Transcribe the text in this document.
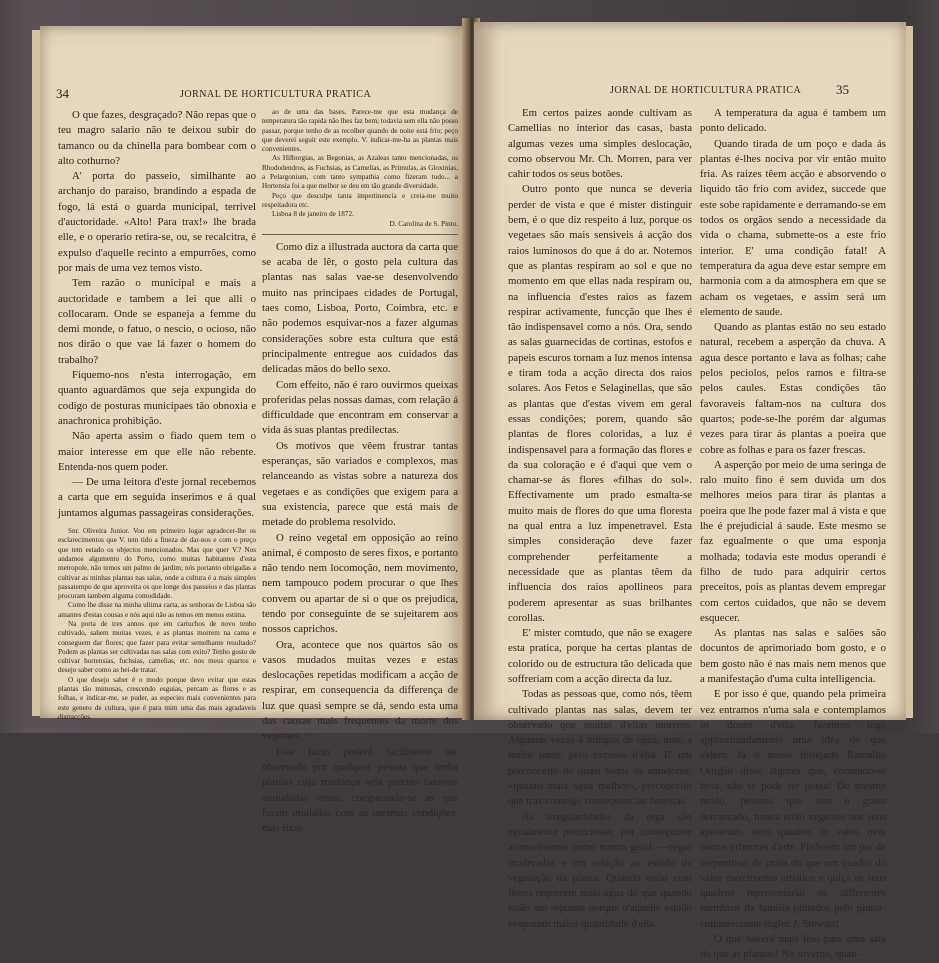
34	JORNAL DE HORTICULTURA PRATICA

O que fazes, desgraçado? Não repas que o teu magro salario não te deixou subir do tamanco ou da chinella para bombear com o alto cothurno?

A' porta do passeio, similhante ao archanjo do paraiso, brandindo a espada de fogo, lá está o guarda municipal, terrivel d'auctoridade. «Alto! Para trax!» lhe brada elle, e o operario retira-se, ou, se recalcitra, é expulso d'aquelle recinto a empurrões, como por mais de uma vez temos visto.

Tem razão o municipal e mais a auctoridade e tambem a lei que alli o collocaram. Onde se espaneja a femme du demi monde, o fatuo, o nescio, o ocioso, não nos dirão o que vae lá fazer o homem do trabalho?

Fiquemo-nos n'esta interrogação, em quanto aguardâmos que seja expungida do codigo de posturas municipaes tão obnoxia e anachronica prohibição.

Não aperta assim o fiado quem tem o maior interesse em que elle não rebente. Entenda-nos quem poder.

— De uma leitora d'este jornal recebemos a carta que em seguida inserimos e á qual juntamos algumas passageiras considerações.

Snr. Oliveira Junior. Vou em primeiro logar agradecer-lhe os esclarecimentos que V. tem tido a fineza de dar-nos e com o preço que tem estado os objectos mencionados. Mas que quer V.? Nos andamos algumento do Porto, como muitas habitantes d'esta metropole, não temos um palmo de jardim; nós portanto obrigadas a cultivar as minhas plantas nas salas, onde a cultura é a mais simples passatempo de que aproveita os que longe dos passeios e das plantas procuram tambem alguma comodidade.

Como lhe disse na minha ultima carta, as senhoras de Lisboa são amantes d'estas cousas e nós aqui não as temos em menos estima.

Na porta de tres annos que em cartuchos de novo tenho cultivado, sahem muitas vezes, e as plantas morrem na cama e conseguem dar flores; que fazer para evitar semelhante resultado? Podem as plantas ser cultivadas nas salas com exito? Tenho gosto de cultivar hortensias, fuchsias, camelias, etc. nos meus quartos e desejo saber como as hei-de tratar.

O que desejo saber é o modo porque devo evitar que estas plantas tão mimosas, crescendo esguias, percam as flores e as folhas, e indicar-me, se puder, as especies mais convenientes para este genero de cultura, que é para mim uma das mais agradaveis distracções.

ao de uma das bases. Parece-me que esta mudança de temperatura tão rapida não lhes faz bem; todavia sem ella não posso passar, porque tenho de as recolher quando de noite está frio; peço que deverei seguir este exemplo. V. indicar-me-ha as plantas mais convenientes.

As Hilborgias, as Begonias, as Azaleas tanto mencionadas, os Rhododendros, as Fuchsias, as Camelias, as Primulas, as Gloxinias, a Pelargonium, com tanto sympathia como fizeram tudo... a Hortensia foi a que melhor se deu em tão grande diversidade.

Peço que desculpe tanta impertinencia e creia-me muito respeitadora etc.

Lisboa 8 de janeiro de 1872.

D. Carolina de S. Pinto.

Como diz a illustrada auctora da carta que se acaba de lêr, o gosto pela cultura das plantas nas salas vae-se desenvolvendo muito nas principaes cidades de Portugal, taes como, Lisboa, Porto, Coimbra, etc. e não podemos esquivar-nos a fazer algumas considerações sobre esta cultura que está principalmente entregue aos cuidados das delicadas mãos do bello sexo.

Com effeito, não é raro ouvirmos queixas proferidas pelas nossas damas, com relação á difficuldade que encontram em conservar a vida ás suas plantas predilectas.

Os motivos que vêem frustrar tantas esperanças, são variados e complexos, mas relanceando as vistas sobre a natureza dos vegetaes e as condições que exigem para a sua existencia, parece que está mais de metade do problema resolvido.

O reino vegetal em opposição ao reino animal, é composto de seres fixos, e portanto não tendo nem locomoção, nem movimento, nem tampouco podem procurar o que lhes convem ou apartar de si o que os prejudica, tendo por conseguinte de se sujeitarem aos nossos caprichos.

Ora, acontece que nos quartos são os vasos mudados muitas vezes e estas deslocações repetidas modificam a acção de respirar, em consequencia da differença de luz que quasi sempre se dá, sendo esta uma das causas mais frequentes da morte dos vegetaes.

Este facto poderá facilmente ser observado por qualquer pessoa que tenha plantas cuja mudança seja preciso fazer-se amiudadas vezes, comparando-se as que foram mudadas com as mesmas condições, mas fixas.

JORNAL DE HORTICULTURA PRATICA	35

Em certos paizes aonde cultivam as Camellias no interior das casas, basta algumas vezes uma simples deslocação, como observou Mr. Ch. Morren, para ver cahir todos os seus botões.

Outro ponto que nunca se deveria perder de vista e que é mister distinguir bem, é o que diz respeito á luz, porque os vegetaes são mais sensiveis á acção dos raios luminosos do que á do ar. Notemos que as plantas respiram ao sol e que no momento em que ellas nada respiram ou, na influencia d'estes raios as fazem respirar activamente, funcção que lhes é tão indispensavel como a nós. Ora, sendo as salas guarnecidas de cortinas, estofos e papeis escuros tornam a luz menos intensa e tiram toda a acção directa dos raios solares. Aos Fetos e Selaginellas, que são as plantas que d'estas vivem em geral essas condições; porem, quando são plantas de flores coloridas, a luz é indispensavel para a formação das flores e da sua coloração e é d'aqui que vem o chamar-se ás flores «filhas do sol». Effectivamente um prado esmalta-se muito mais de flores do que uma floresta na qual entra a luz impenetravel. Esta simples consideração deve fazer comprehender perfeitamente a necessidade que as plantas têem da influencia dos raios apollineos para poderem apresentar as suas brilhantes corollas.

E' mister comtudo, que não se exagere esta pratica, porque ha certas plantas de colorido ou de estructura tão delicada que soffreriam com a acção directa da luz.

Todas as pessoas que, como nós, têem cultivado plantas nas salas, devem ter observado que muitas d'ellas morrem. Algumas vezes á mingua de agua, mas, a maior parte, pelo excesso d'ella. E' um preconceito de quasi todos os amadores: «quanto mais agua melhor», preconceito que traz comsigo consequencias funestas.

As irregularidades da rega são egualmente perniciosas; por conseguinte aconselhamos como norma geral: —regas moderadas e em relação ao estado de vegetação da planta. Quando estão com flores requerem mais agua do que quando estão em repouso porque n'aquelle estado evaporam maior quantidade d'ella.

A temperatura da agua é tambem um ponto delicado.

Quando tirada de um poço e dada ás plantas é-lhes nociva por vir então muito fria. As raizes têem acção e absorvendo o liquido tão frio com avidez, succede que este sobe rapidamente e derramando-se em todos os orgãos sendo a necessidade da vida o chama, submette-os a este frio interior. E' uma condição fatal! A temperatura da agua deve estar sempre em harmonia com a da atmosphera em que se acham os vegetaes, e assim será um elemento de saude.

Quando as plantas estão no seu estado natural, recebem a asperção da chuva. A agua desce portanto e lava as folhas; cahe pelos peciolos, pelos ramos e filtra-se pelos caules. Estas condições tão favoraveis faltam-nos na cultura dos quartos; pode-se-lhe porém dar algumas vezes para tirar ás plantas a poeira que cobre as folhas e para os fazer frescas.

A asperção por meio de uma seringa de ralo muito fino é sem duvida um dos melhores meios para tirar ás plantas a poeira que lhe pode fazer mal á vista e que lhe é prejudicial á saude. Este mesmo se faz egualmente o que uma esponja molhada; todavia este modus operandi é filho de tudo para adquirir certos preceitos, pois as plantas devem empregar com certos cuidados, que não se devem esquecer.

As plantas nas salas e salões são docuntos de aprimoriado bom gosto, e o bem gosto não é nas mais nem menos que a manifestação d'uma culta intelligencia.

E por isso é que, quando pela primeira vez entramos n'uma sala e contemplamos os donos d'ella, fazemos logo approximadamente uma idéa do que valem. Já o nosso festejado Ramalho Ortigão disse algures que, comendo-se broa, não se pode ser poeta! Do mesmo modo, pessoas que tem o gosto derrancado, nunca terão vegetaes nos seus aposentos, nem quadros de valor, nem outros primores d'arte. Preferem um par de serpentinas de prata do que um quadro do valor mercimento artistico e quiçá os seus quadros representarão os differentes membros da familia pintados pelo pintor-commerciante inglez J. Stewart!

O que haverá mais feio para uma sala do que as plantas? No inverno, quan-
